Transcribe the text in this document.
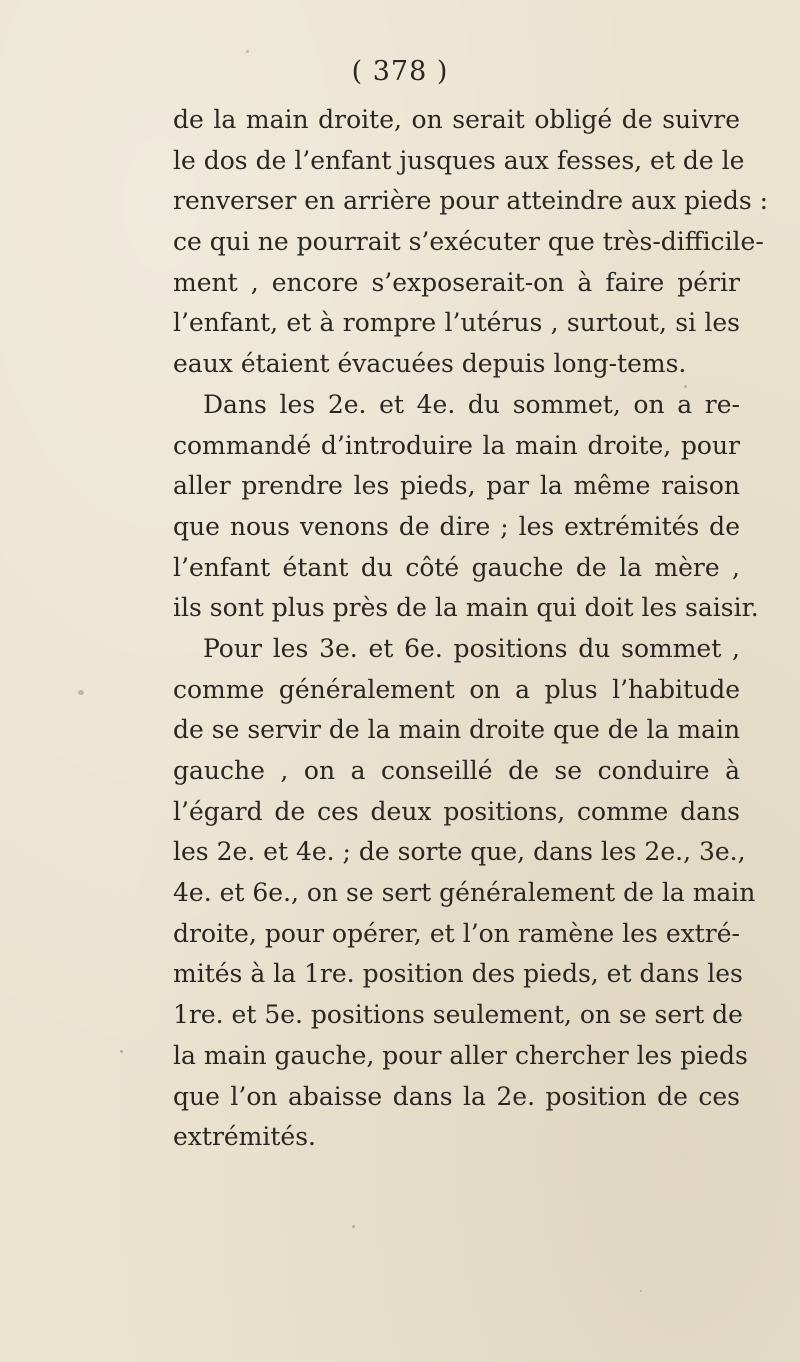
( 378 )
de la main droite, on serait obligé de suivre
le dos de l’enfant jusques aux fesses, et de le
renverser en arrière pour atteindre aux pieds :
ce qui ne pourrait s’exécuter que très-difficile-
ment , encore s’exposerait-on à faire périr
l’enfant, et à rompre l’utérus , surtout, si les
eaux étaient évacuées depuis long-tems.
Dans les 2e. et 4e. du sommet, on a re-
commandé d’introduire la main droite, pour
aller prendre les pieds, par la même raison
que nous venons de dire ; les extrémités de
l’enfant étant du côté gauche de la mère ,
ils sont plus près de la main qui doit les saisir.
Pour les 3e. et 6e. positions du sommet ,
comme généralement on a plus l’habitude
de se servir de la main droite que de la main
gauche , on a conseillé de se conduire à
l’égard de ces deux positions, comme dans
les 2e. et 4e. ; de sorte que, dans les 2e., 3e.,
4e. et 6e., on se sert généralement de la main
droite, pour opérer, et l’on ramène les extré-
mités à la 1re. position des pieds, et dans les
1re. et 5e. positions seulement, on se sert de
la main gauche, pour aller chercher les pieds
que l’on abaisse dans la 2e. position de ces
extrémités.
